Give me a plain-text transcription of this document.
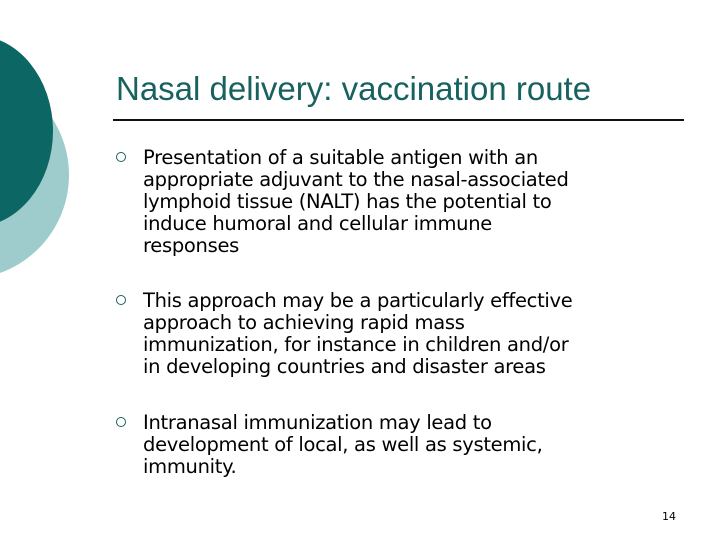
Nasal delivery: vaccination route
Presentation of a suitable antigen with an
appropriate adjuvant to the nasal-associated
lymphoid tissue (NALT) has the potential to
induce humoral and cellular immune
responses
This approach may be a particularly effective
approach to achieving rapid mass
immunization, for instance in children and/or
in developing countries and disaster areas
Intranasal immunization may lead to
development of local, as well as systemic,
immunity.
14
